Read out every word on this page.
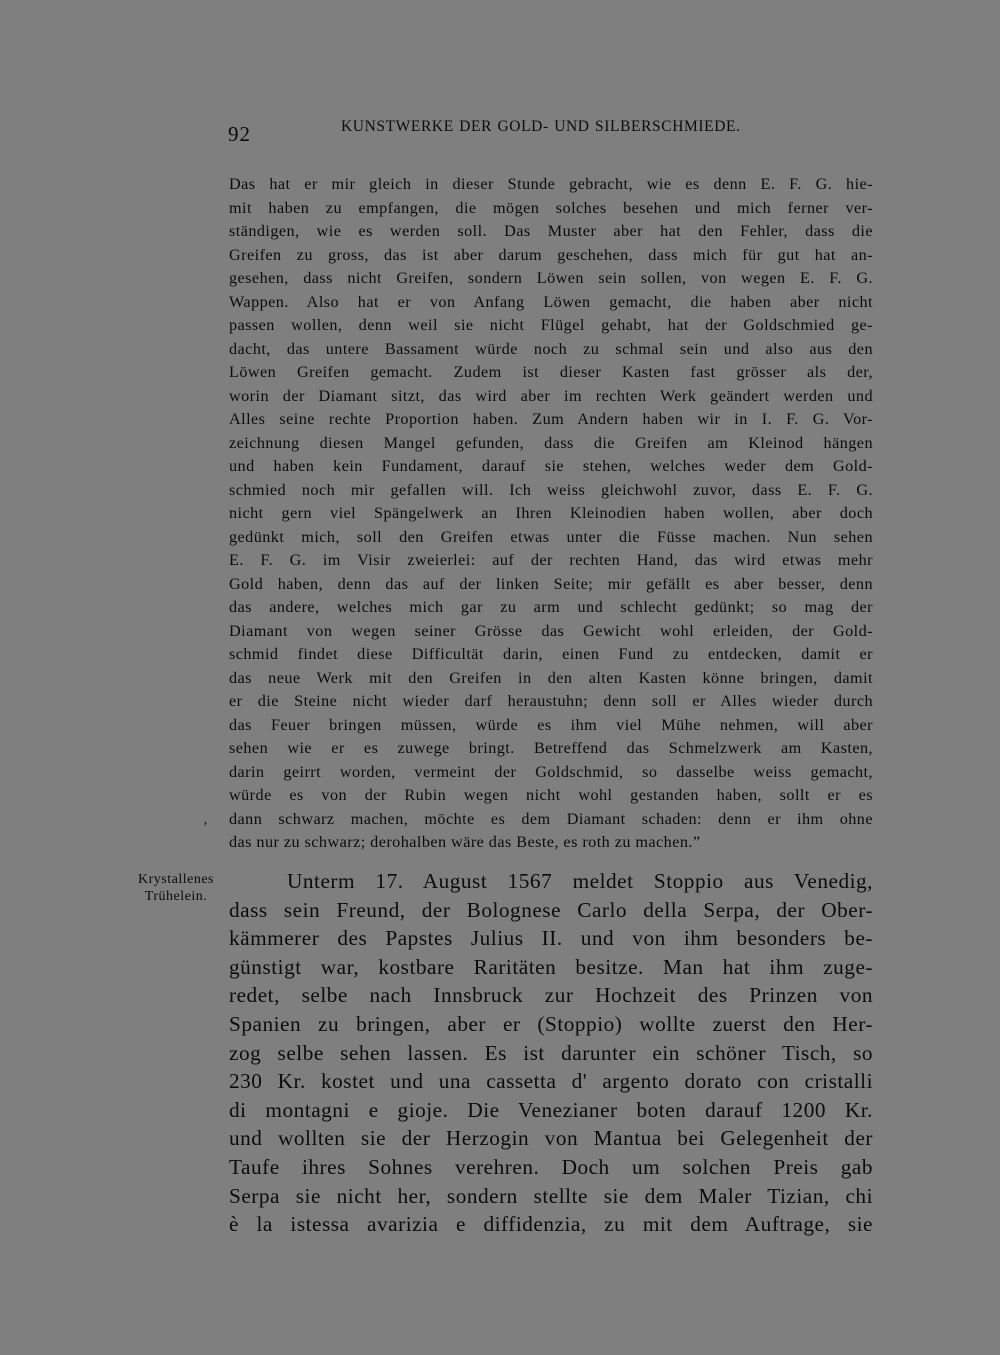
92	KUNSTWERKE DER GOLD- UND SILBERSCHMIEDE.
Das hat er mir gleich in dieser Stunde gebracht, wie es denn E. F. G. hie-
mit haben zu empfangen, die mögen solches besehen und mich ferner ver-
ständigen, wie es werden soll. Das Muster aber hat den Fehler, dass die
Greifen zu gross, das ist aber darum geschehen, dass mich für gut hat an-
gesehen, dass nicht Greifen, sondern Löwen sein sollen, von wegen E. F. G.
Wappen. Also hat er von Anfang Löwen gemacht, die haben aber nicht
passen wollen, denn weil sie nicht Flügel gehabt, hat der Goldschmied ge-
dacht, das untere Bassament würde noch zu schmal sein und also aus den
Löwen Greifen gemacht. Zudem ist dieser Kasten fast grösser als der,
worin der Diamant sitzt, das wird aber im rechten Werk geändert werden und
Alles seine rechte Proportion haben. Zum Andern haben wir in I. F. G. Vor-
zeichnung diesen Mangel gefunden, dass die Greifen am Kleinod hängen
und haben kein Fundament, darauf sie stehen, welches weder dem Gold-
schmied noch mir gefallen will. Ich weiss gleichwohl zuvor, dass E. F. G.
nicht gern viel Spängelwerk an Ihren Kleinodien haben wollen, aber doch
gedünkt mich, soll den Greifen etwas unter die Füsse machen. Nun sehen
E. F. G. im Visir zweierlei: auf der rechten Hand, das wird etwas mehr
Gold haben, denn das auf der linken Seite; mir gefällt es aber besser, denn
das andere, welches mich gar zu arm und schlecht gedünkt; so mag der
Diamant von wegen seiner Grösse das Gewicht wohl erleiden, der Gold-
schmid findet diese Difficultät darin, einen Fund zu entdecken, damit er
das neue Werk mit den Greifen in den alten Kasten könne bringen, damit
er die Steine nicht wieder darf heraustuhn; denn soll er Alles wieder durch
das Feuer bringen müssen, würde es ihm viel Mühe nehmen, will aber
sehen wie er es zuwege bringt. Betreffend das Schmelzwerk am Kasten,
darin geirrt worden, vermeint der Goldschmid, so dasselbe weiss gemacht,
würde es von der Rubin wegen nicht wohl gestanden haben, sollt er es
dann schwarz machen, möchte es dem Diamant schaden: denn er ihm ohne
das nur zu schwarz; derohalben wäre das Beste, es roth zu machen.”
ʼ
Krystallenes
Trühelein.
Unterm 17. August 1567 meldet Stoppio aus Venedig,
dass sein Freund, der Bolognese Carlo della Serpa, der Ober-
kämmerer des Papstes Julius II. und von ihm besonders be-
günstigt war, kostbare Raritäten besitze. Man hat ihm zuge-
redet, selbe nach Innsbruck zur Hochzeit des Prinzen von
Spanien zu bringen, aber er (Stoppio) wollte zuerst den Her-
zog selbe sehen lassen. Es ist darunter ein schöner Tisch, so
230 Kr. kostet und una cassetta d' argento dorato con cristalli
di montagni e gioje. Die Venezianer boten darauf 1200 Kr.
und wollten sie der Herzogin von Mantua bei Gelegenheit der
Taufe ihres Sohnes verehren. Doch um solchen Preis gab
Serpa sie nicht her, sondern stellte sie dem Maler Tizian, chi
è la istessa avarizia e diffidenzia, zu mit dem Auftrage, sie
